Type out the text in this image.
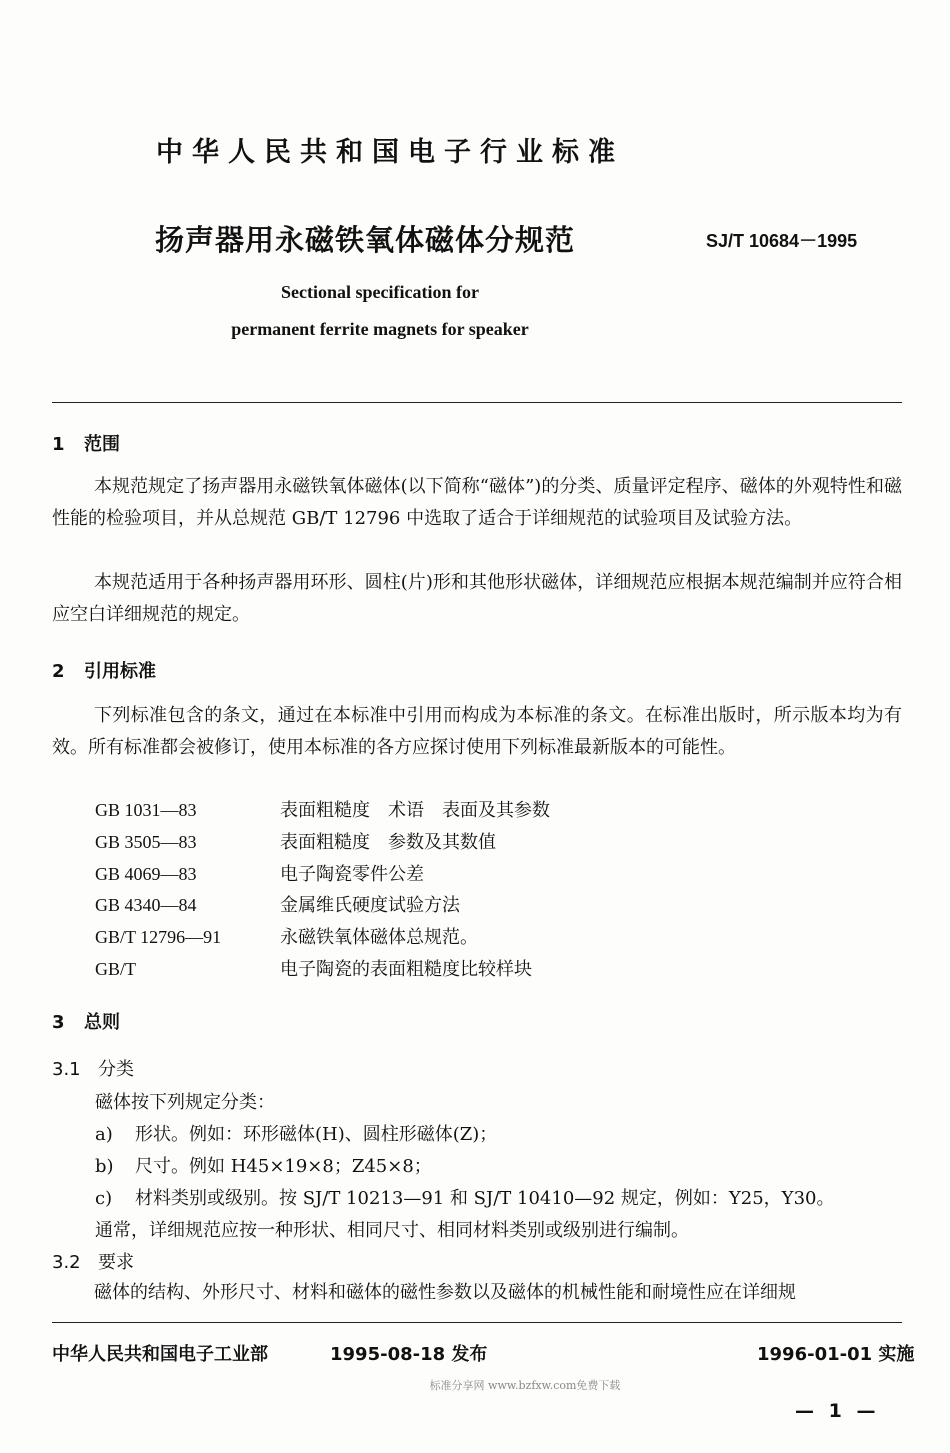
中华人民共和国电子行业标准
扬声器用永磁铁氧体磁体分规范	SJ/T 10684－1995
Sectional specification for
permanent ferrite magnets for speaker
1 范围
本规范规定了扬声器用永磁铁氧体磁体(以下简称“磁体”)的分类、质量评定程序、磁体的外观特性和磁性能的检验项目，并从总规范 GB/T 12796 中选取了适合于详细规范的试验项目及试验方法。
本规范适用于各种扬声器用环形、圆柱(片)形和其他形状磁体，详细规范应根据本规范编制并应符合相应空白详细规范的规定。
2 引用标准
下列标准包含的条文，通过在本标准中引用而构成为本标准的条文。在标准出版时，所示版本均为有效。所有标准都会被修订，使用本标准的各方应探讨使用下列标准最新版本的可能性。
GB 1031—83	表面粗糙度　术语　表面及其参数
GB 3505—83	表面粗糙度　参数及其数值
GB 4069—83	电子陶瓷零件公差
GB 4340—84	金属维氏硬度试验方法
GB/T 12796—91	永磁铁氧体磁体总规范。
GB/T	电子陶瓷的表面粗糙度比较样块
3 总则
3.1 分类
磁体按下列规定分类：
a) 形状。例如：环形磁体(H)、圆柱形磁体(Z)；
b) 尺寸。例如 H45×19×8；Z45×8；
c) 材料类别或级别。按 SJ/T 10213—91 和 SJ/T 10410—92 规定，例如：Y25，Y30。
通常，详细规范应按一种形状、相同尺寸、相同材料类别或级别进行编制。
3.2 要求
磁体的结构、外形尺寸、材料和磁体的磁性参数以及磁体的机械性能和耐境性应在详细规
中华人民共和国电子工业部	1995-08-18 发布	1996-01-01 实施
标准分享网 www.bzfxw.com免费下载
— 1 —
